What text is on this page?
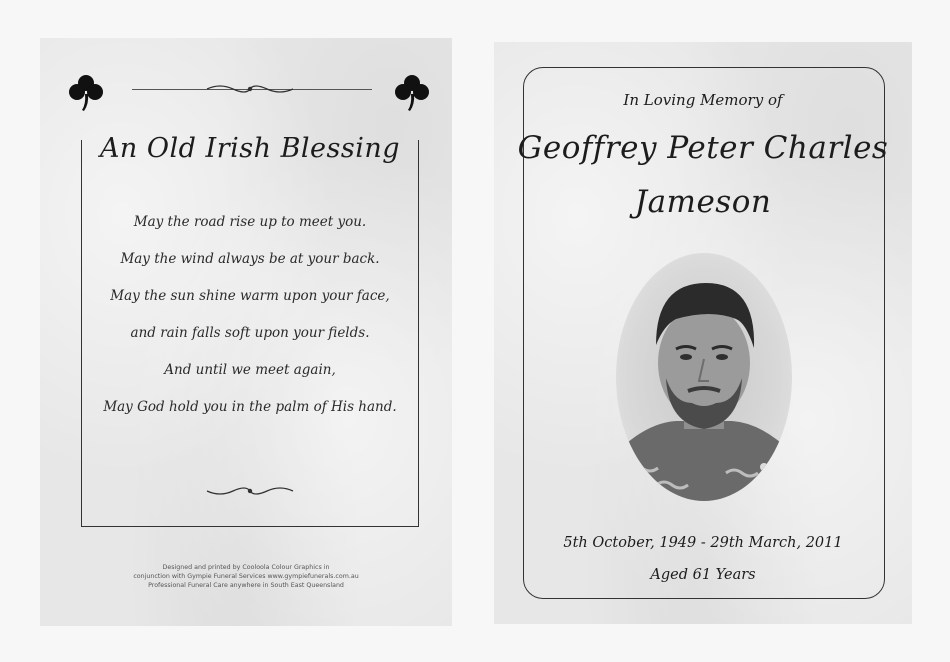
An Old Irish Blessing
May the road rise up to meet you.
May the wind always be at your back.
May the sun shine warm upon your face,
and rain falls soft upon your fields.
And until we meet again,
May God hold you in the palm of His hand.
Designed and printed by Cooloola Colour Graphics in
conjunction with Gympie Funeral Services www.gympiefunerals.com.au
Professional Funeral Care anywhere in South East Queensland
In Loving Memory of
Geoffrey Peter Charles
Jameson
5th October, 1949 - 29th March, 2011
Aged 61 Years
